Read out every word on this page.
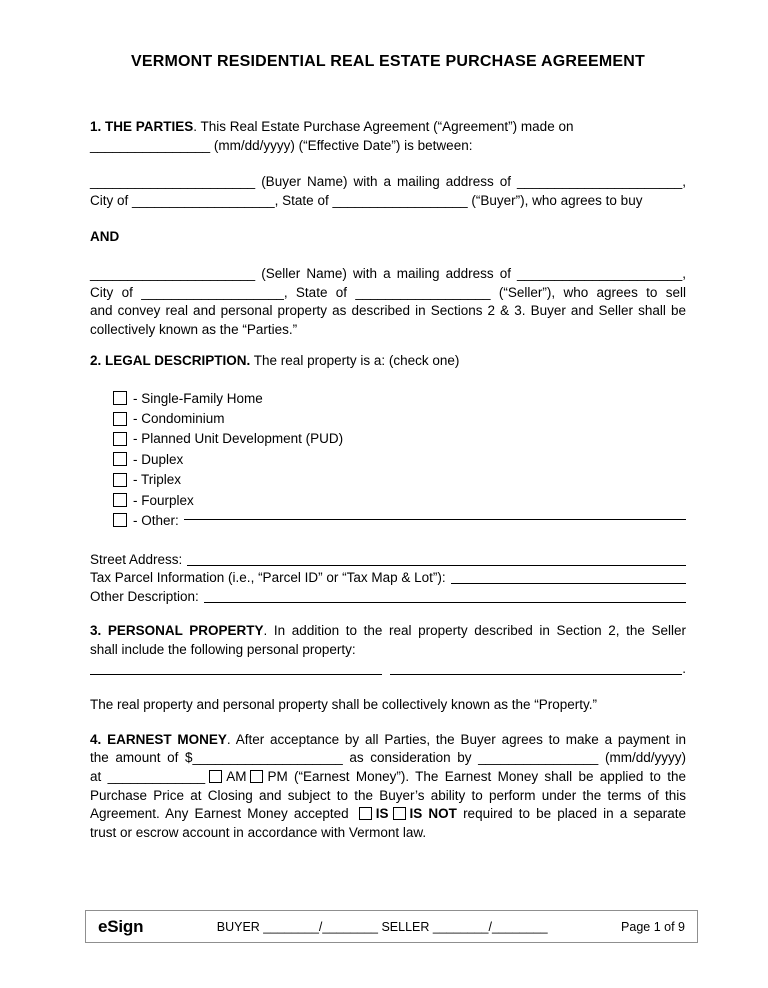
VERMONT RESIDENTIAL REAL ESTATE PURCHASE AGREEMENT
1. THE PARTIES. This Real Estate Purchase Agreement (“Agreement”) made on
________________ (mm/dd/yyyy) (“Effective Date”) is between:
______________________ (Buyer Name) with a mailing address of ______________________,
City of ___________________, State of __________________ (“Buyer”), who agrees to buy
AND
______________________ (Seller Name) with a mailing address of ______________________,
City of ___________________, State of __________________ (“Seller”), who agrees to sell
and convey real and personal property as described in Sections 2 & 3. Buyer and Seller shall be
collectively known as the “Parties.”
2. LEGAL DESCRIPTION. The real property is a: (check one)
- Single-Family Home
- Condominium
- Planned Unit Development (PUD)
- Duplex
- Triplex
- Fourplex
- Other:
Street Address:
Tax Parcel Information (i.e., “Parcel ID” or “Tax Map & Lot”):
Other Description:
3. PERSONAL PROPERTY. In addition to the real property described in Section 2, the Seller
shall include the following personal property:
.
The real property and personal property shall be collectively known as the “Property.”
4. EARNEST MONEY. After acceptance by all Parties, the Buyer agrees to make a payment in
the amount of $____________________ as consideration by ________________ (mm/dd/yyyy)
at _____________ AM PM (“Earnest Money”). The Earnest Money shall be applied to the
Purchase Price at Closing and subject to the Buyer’s ability to perform under the terms of this
Agreement. Any Earnest Money accepted IS IS NOT required to be placed in a separate
trust or escrow account in accordance with Vermont law.
eSign	BUYER ________/________ SELLER ________/________	Page 1 of 9
